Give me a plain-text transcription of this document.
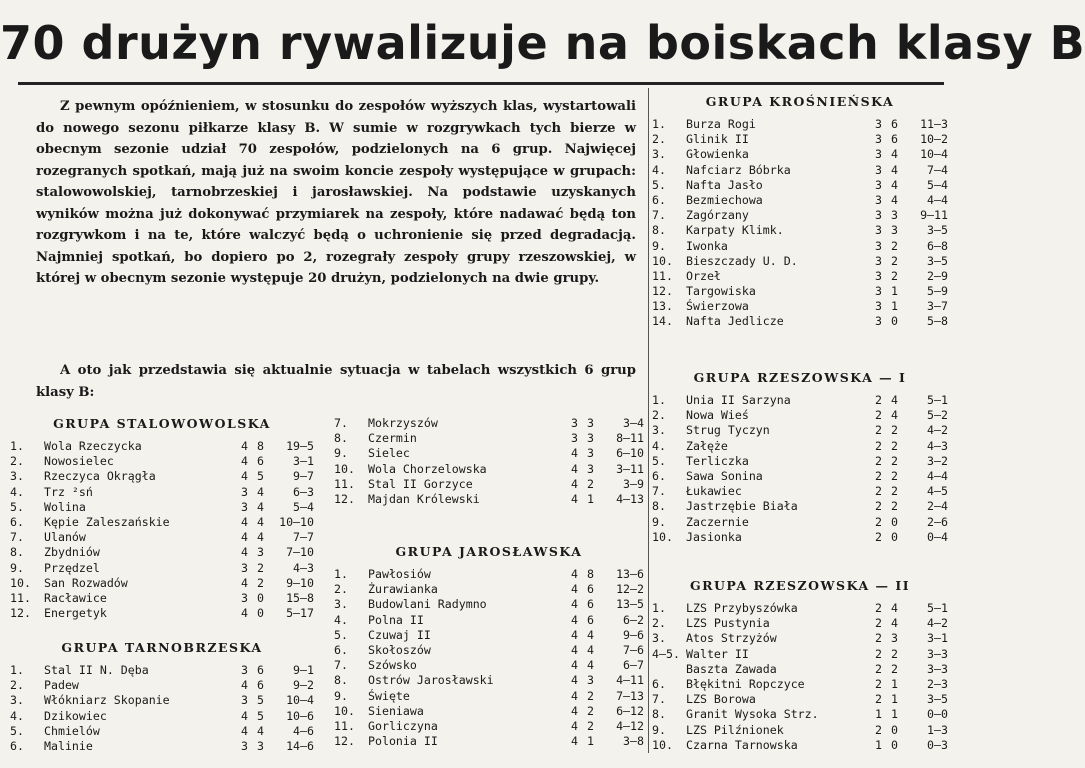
70 drużyn rywalizuje na boiskach klasy B

Z pewnym opóźnieniem, w stosunku do zespołów wyższych klas, wystartowali do nowego sezonu piłkarze klasy B. W sumie w rozgrywkach tych bierze w obecnym sezonie udział 70 zespołów, podzielonych na 6 grup. Najwięcej rozegranych spotkań, mają już na swoim koncie zespoły występujące w grupach: stalowowolskiej, tarnobrzeskiej i jarosławskiej. Na podstawie uzyskanych wyników można już dokonywać przymiarek na zespoły, które nadawać będą ton rozgrywkom i na te, które walczyć będą o uchronienie się przed degradacją. Najmniej spotkań, bo dopiero po 2, rozegrały zespoły grupy rzeszowskiej, w której w obecnym sezonie występuje 20 drużyn, podzielonych na dwie grupy.

A oto jak przedstawia się aktualnie sytuacja w tabelach wszystkich 6 grup klasy B:

GRUPA STALOWOWOLSKA
1.	Wola Rzeczycka	4 8	19—5
2.	Nowosielec	4 6	3—1
3.	Rzeczyca Okrągła	4 5	9—7
4.	Trz ²sń	3 4	6—3
5.	Wolina	3 4	5—4
6.	Kępie Zaleszańskie	4 4	10—10
7.	Ulanów	4 4	7—7
8.	Zbydniów	4 3	7—10
9.	Przędzel	3 2	4—3
10.	San Rozwadów	4 2	9—10
11.	Racławice	3 0	15—8
12.	Energetyk	4 0	5—17
GRUPA TARNOBRZESKA
1.	Stal II N. Dęba	3 6	9—1
2.	Padew	4 6	9—2
3.	Włókniarz Skopanie	3 5	10—4
4.	Dzikowiec	4 5	10—6
5.	Chmielów	4 4	4—6
6.	Malinie	3 3	14—6
7.	Mokrzyszów	3 3	3—4
8.	Czermin	3 3	8—11
9.	Sielec	4 3	6—10
10.	Wola Chorzelowska	4 3	3—11
11.	Stal II Gorzyce	4 2	3—9
12.	Majdan Królewski	4 1	4—13
GRUPA JAROSŁAWSKA
1.	Pawłosiów	4 8	13—6
2.	Żurawianka	4 6	12—2
3.	Budowlani Radymno	4 6	13—5
4.	Polna II	4 6	6—2
5.	Czuwaj II	4 4	9—6
6.	Skołoszów	4 4	7—6
7.	Szówsko	4 4	6—7
8.	Ostrów Jarosławski	4 3	4—11
9.	Święte	4 2	7—13
10.	Sieniawa	4 2	6—12
11.	Gorliczyna	4 2	4—12
12.	Polonia II	4 1	3—8
GRUPA KROŚNIEŃSKA
1.	Burza Rogi	3 6	11—3
2.	Glinik II	3 6	10—2
3.	Głowienka	3 4	10—4
4.	Nafciarz Bóbrka	3 4	7—4
5.	Nafta Jasło	3 4	5—4
6.	Bezmiechowa	3 4	4—4
7.	Zagórzany	3 3	9—11
8.	Karpaty Klimk.	3 3	3—5
9.	Iwonka	3 2	6—8
10.	Bieszczady U. D.	3 2	3—5
11.	Orzeł	3 2	2—9
12.	Targowiska	3 1	5—9
13.	Świerzowa	3 1	3—7
14.	Nafta Jedlicze	3 0	5—8
GRUPA RZESZOWSKA — I
1.	Unia II Sarzyna	2 4	5—1
2.	Nowa Wieś	2 4	5—2
3.	Strug Tyczyn	2 2	4—2
4.	Załęże	2 2	4—3
5.	Terliczka	2 2	3—2
6.	Sawa Sonina	2 2	4—4
7.	Łukawiec	2 2	4—5
8.	Jastrzębie Biała	2 2	2—4
9.	Zaczernie	2 0	2—6
10.	Jasionka	2 0	0—4
GRUPA RZESZOWSKA — II
1.	LZS Przybyszówka	2 4	5—1
2.	LZS Pustynia	2 4	4—2
3.	Atos Strzyżów	2 3	3—1
4—5. Walter II	2 2	3—3
Baszta Zawada	2 2	3—3
6.	Błękitni Ropczyce	2 1	2—3
7.	LZS Borowa	2 1	3—5
8.	Granit Wysoka Strz.	1 1	0—0
9.	LZS Pilźnionek	2 0	1—3
10.	Czarna Tarnowska	1 0	0—3
